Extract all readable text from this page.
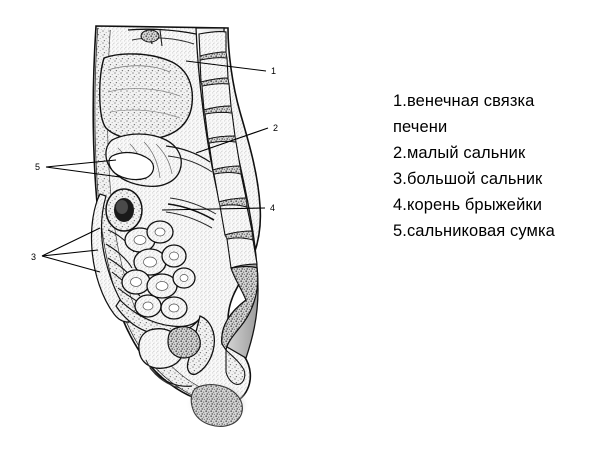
1
2
3
4
5
1.венечная связка печени
2.малый сальник
3.большой сальник
4.корень брыжейки
5.сальниковая сумка
